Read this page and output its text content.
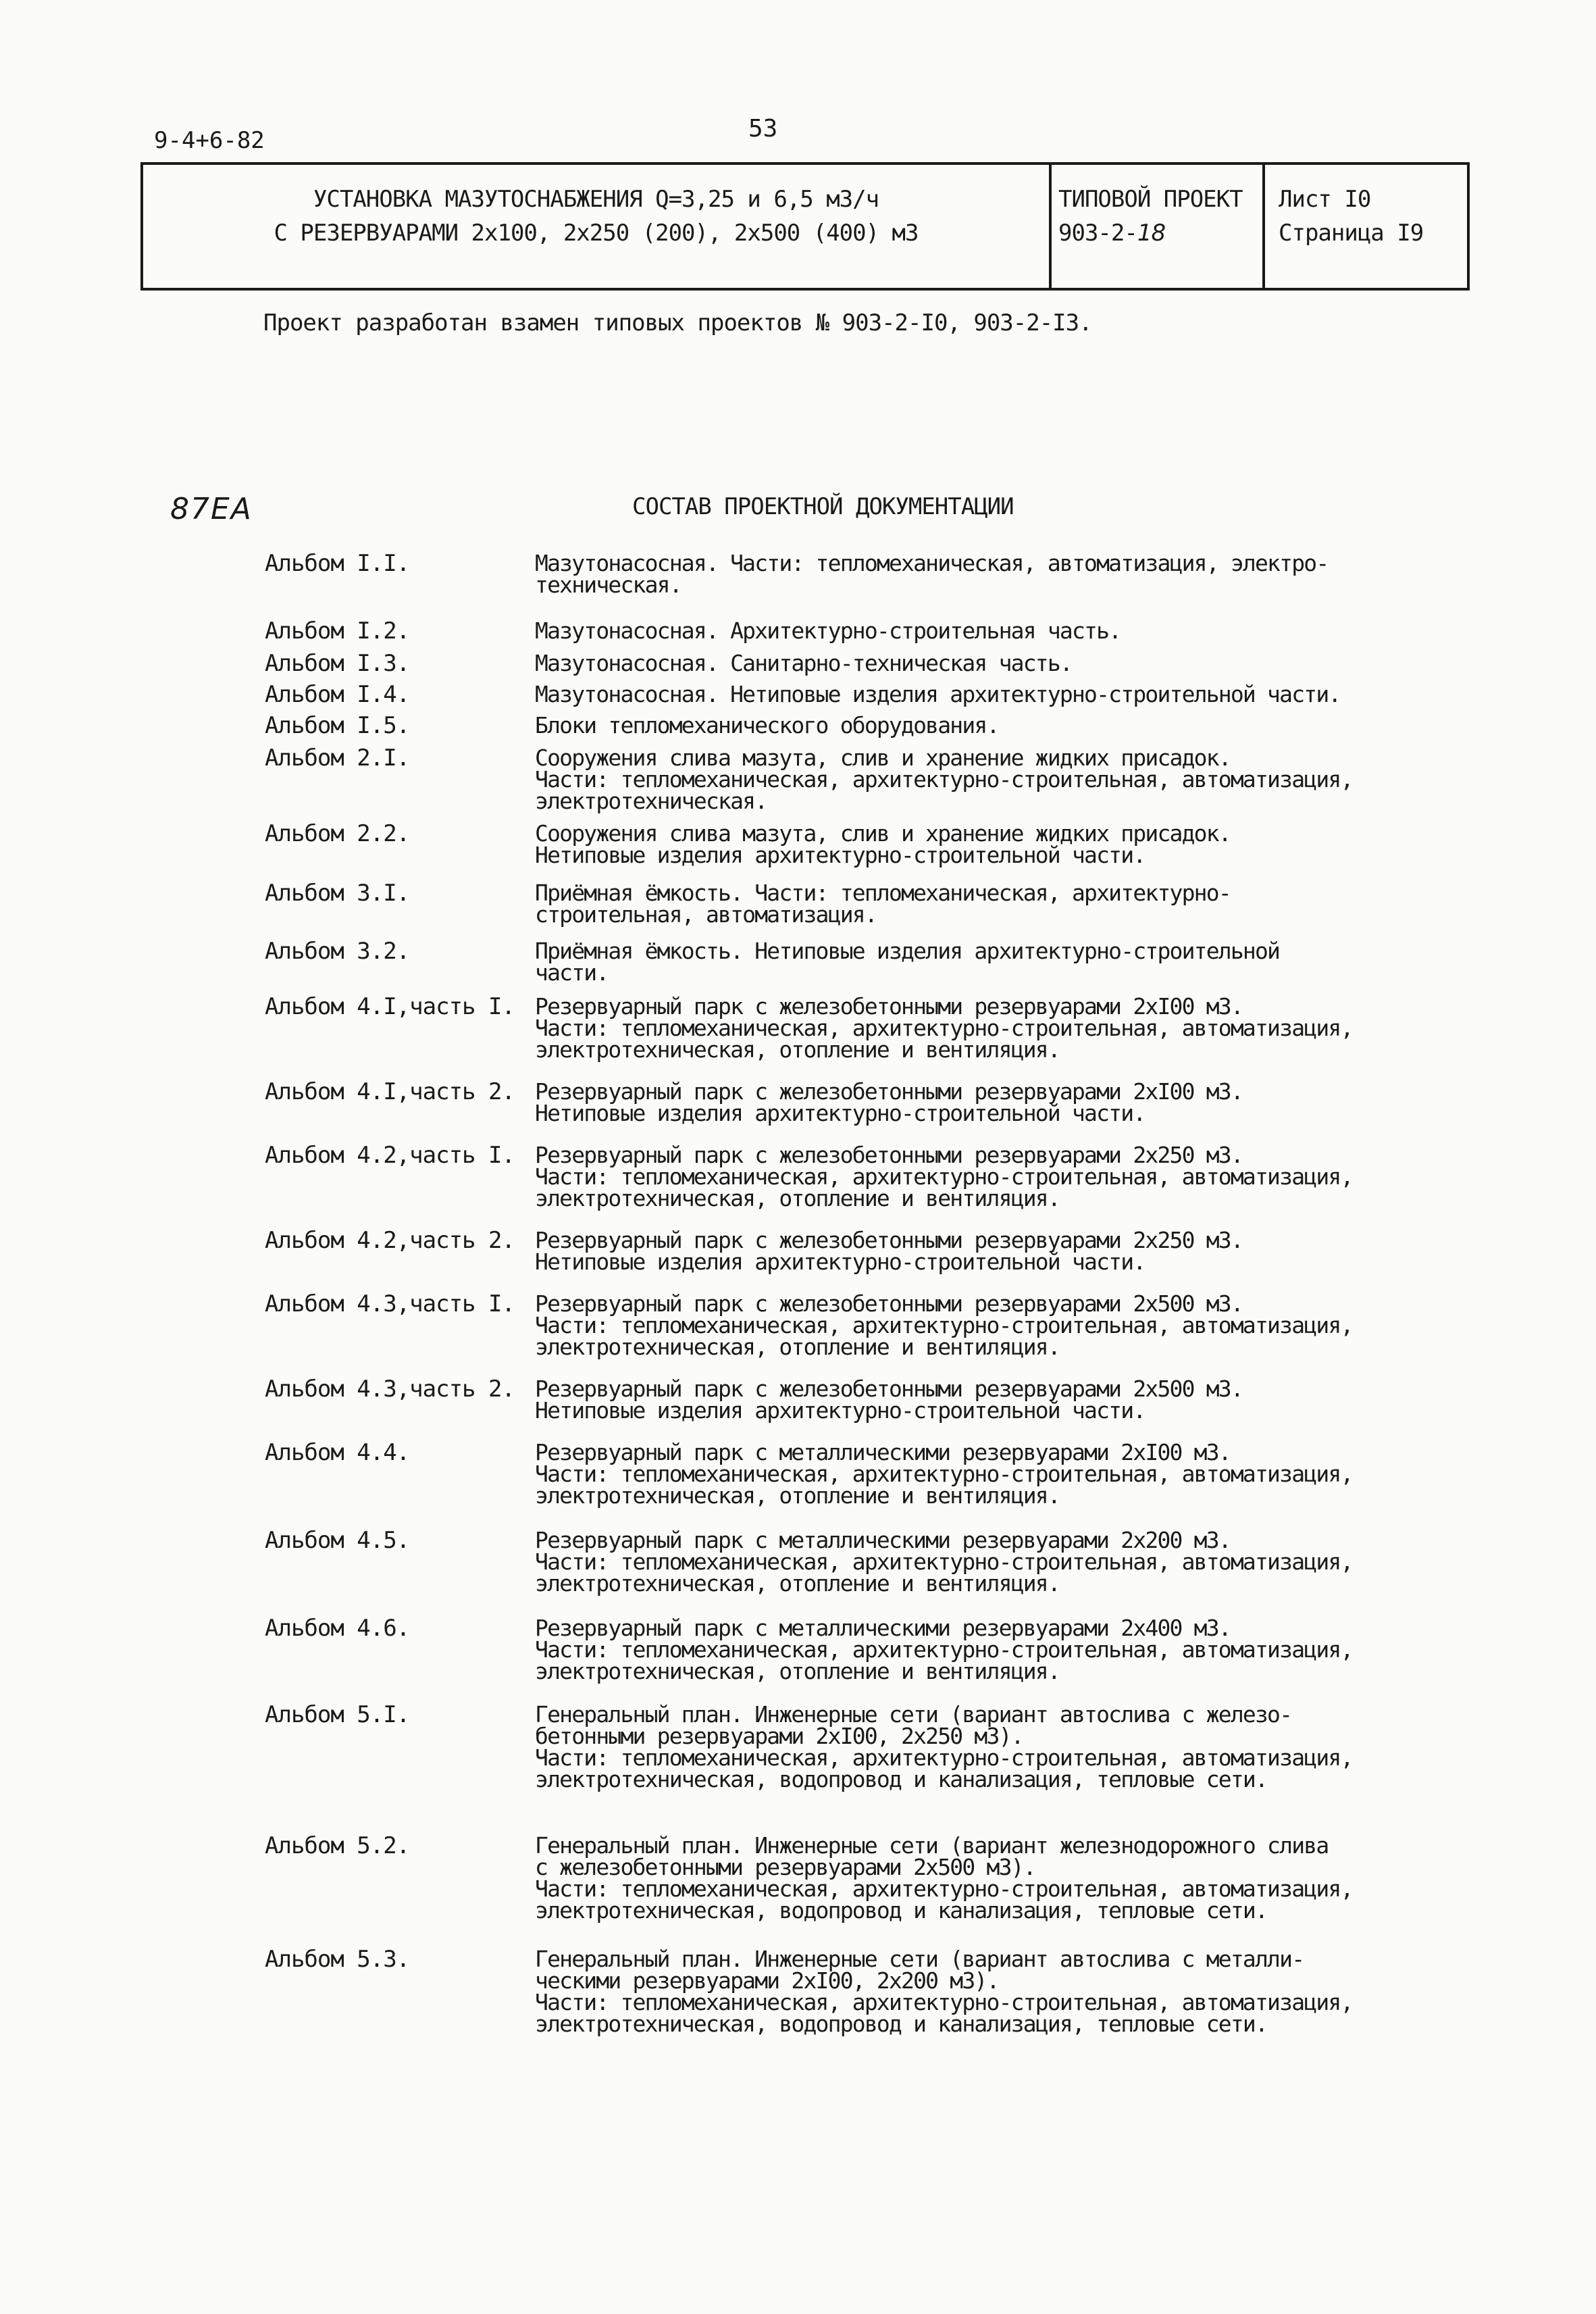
9-4+6-82	53
УСТАНОВКА МАЗУТОСНАБЖЕНИЯ Q=3,25 и 6,5 м3/ч
С РЕЗЕРВУАРАМИ 2х100, 2х250 (200), 2х500 (400) м3
ТИПОВОЙ ПРОЕКТ
903-2-18
Лист I0
Страница I9
Проект разработан взамен типовых проектов № 903-2-I0, 903-2-I3.
87ЕА	СОСТАВ ПРОЕКТНОЙ ДОКУМЕНТАЦИИ
Альбом I.I.	Мазутонасосная. Части: тепломеханическая, автоматизация, электро-
техническая.
Альбом I.2.	Мазутонасосная. Архитектурно-строительная часть.
Альбом I.3.	Мазутонасосная. Санитарно-техническая часть.
Альбом I.4.	Мазутонасосная. Нетиповые изделия архитектурно-строительной части.
Альбом I.5.	Блоки тепломеханического оборудования.
Альбом 2.I.	Сооружения слива мазута, слив и хранение жидких присадок.
Части: тепломеханическая, архитектурно-строительная, автоматизация,
электротехническая.
Альбом 2.2.	Сооружения слива мазута, слив и хранение жидких присадок.
Нетиповые изделия архитектурно-строительной части.
Альбом 3.I.	Приёмная ёмкость. Части: тепломеханическая, архитектурно-
строительная, автоматизация.
Альбом 3.2.	Приёмная ёмкость. Нетиповые изделия архитектурно-строительной
части.
Альбом 4.I,часть I. Резервуарный парк с железобетонными резервуарами 2хI00 м3.
Части: тепломеханическая, архитектурно-строительная, автоматизация,
электротехническая, отопление и вентиляция.
Альбом 4.I,часть 2. Резервуарный парк с железобетонными резервуарами 2хI00 м3.
Нетиповые изделия архитектурно-строительной части.
Альбом 4.2,часть I. Резервуарный парк с железобетонными резервуарами 2х250 м3.
Части: тепломеханическая, архитектурно-строительная, автоматизация,
электротехническая, отопление и вентиляция.
Альбом 4.2,часть 2. Резервуарный парк с железобетонными резервуарами 2х250 м3.
Нетиповые изделия архитектурно-строительной части.
Альбом 4.3,часть I. Резервуарный парк с железобетонными резервуарами 2х500 м3.
Части: тепломеханическая, архитектурно-строительная, автоматизация,
электротехническая, отопление и вентиляция.
Альбом 4.3,часть 2. Резервуарный парк с железобетонными резервуарами 2х500 м3.
Нетиповые изделия архитектурно-строительной части.
Альбом 4.4.	Резервуарный парк с металлическими резервуарами 2хI00 м3.
Части: тепломеханическая, архитектурно-строительная, автоматизация,
электротехническая, отопление и вентиляция.
Альбом 4.5.	Резервуарный парк с металлическими резервуарами 2х200 м3.
Части: тепломеханическая, архитектурно-строительная, автоматизация,
электротехническая, отопление и вентиляция.
Альбом 4.6.	Резервуарный парк с металлическими резервуарами 2х400 м3.
Части: тепломеханическая, архитектурно-строительная, автоматизация,
электротехническая, отопление и вентиляция.
Альбом 5.I.	Генеральный план. Инженерные сети (вариант автослива с железо-
бетонными резервуарами 2хI00, 2х250 м3).
Части: тепломеханическая, архитектурно-строительная, автоматизация,
электротехническая, водопровод и канализация, тепловые сети.
Альбом 5.2.	Генеральный план. Инженерные сети (вариант железнодорожного слива
с железобетонными резервуарами 2х500 м3).
Части: тепломеханическая, архитектурно-строительная, автоматизация,
электротехническая, водопровод и канализация, тепловые сети.
Альбом 5.3.	Генеральный план. Инженерные сети (вариант автослива с металли-
ческими резервуарами 2хI00, 2х200 м3).
Части: тепломеханическая, архитектурно-строительная, автоматизация,
электротехническая, водопровод и канализация, тепловые сети.
